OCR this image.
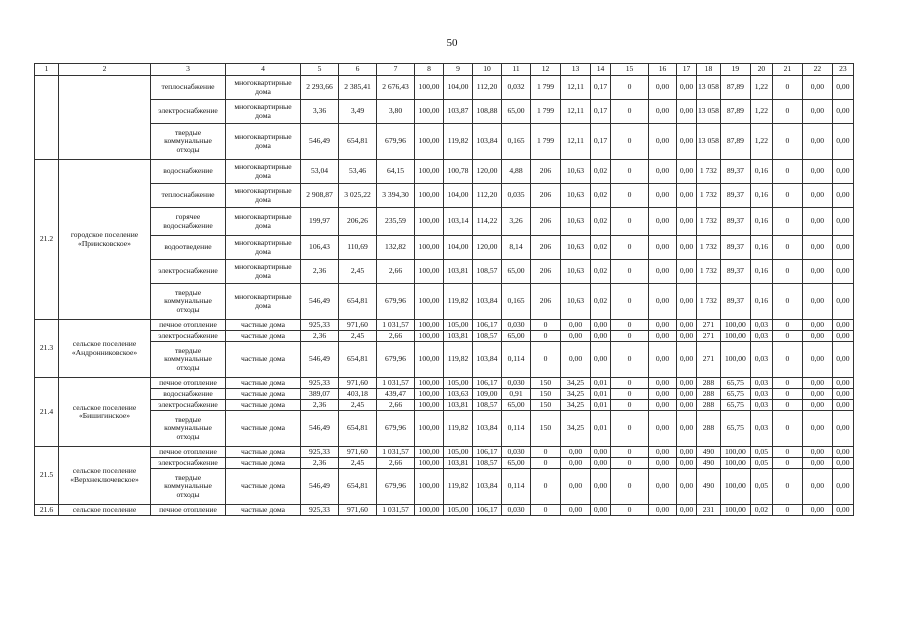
50
1	2	3	4	5	6	7	8	9	10	11	12	13	14	15	16	17	18	19	20	21	22	23
		теплоснабжение	многоквартирные дома	2 293,66	2 385,41	2 676,43	100,00	104,00	112,20	0,032	1 799	12,11	0,17	0	0,00	0,00	13 058	87,89	1,22	0	0,00	0,00
		электроснабжение	многоквартирные дома	3,36	3,49	3,80	100,00	103,87	108,88	65,00	1 799	12,11	0,17	0	0,00	0,00	13 058	87,89	1,22	0	0,00	0,00
		твердые коммунальные отходы	многоквартирные дома	546,49	654,81	679,96	100,00	119,82	103,84	0,165	1 799	12,11	0,17	0	0,00	0,00	13 058	87,89	1,22	0	0,00	0,00
21.2	городское поселение «Приисковское»	водоснабжение	многоквартирные дома	53,04	53,46	64,15	100,00	100,78	120,00	4,88	206	10,63	0,02	0	0,00	0,00	1 732	89,37	0,16	0	0,00	0,00
		теплоснабжение	многоквартирные дома	2 908,87	3 025,22	3 394,30	100,00	104,00	112,20	0,035	206	10,63	0,02	0	0,00	0,00	1 732	89,37	0,16	0	0,00	0,00
		горячее водоснабжение	многоквартирные дома	199,97	206,26	235,59	100,00	103,14	114,22	3,26	206	10,63	0,02	0	0,00	0,00	1 732	89,37	0,16	0	0,00	0,00
		водоотведение	многоквартирные дома	106,43	110,69	132,82	100,00	104,00	120,00	8,14	206	10,63	0,02	0	0,00	0,00	1 732	89,37	0,16	0	0,00	0,00
		электроснабжение	многоквартирные дома	2,36	2,45	2,66	100,00	103,81	108,57	65,00	206	10,63	0,02	0	0,00	0,00	1 732	89,37	0,16	0	0,00	0,00
		твердые коммунальные отходы	многоквартирные дома	546,49	654,81	679,96	100,00	119,82	103,84	0,165	206	10,63	0,02	0	0,00	0,00	1 732	89,37	0,16	0	0,00	0,00
21.3	сельское поселение «Андронниковское»	печное отопление	частные дома	925,33	971,60	1 031,57	100,00	105,00	106,17	0,030	0	0,00	0,00	0	0,00	0,00	271	100,00	0,03	0	0,00	0,00
		электроснабжение	частные дома	2,36	2,45	2,66	100,00	103,81	108,57	65,00	0	0,00	0,00	0	0,00	0,00	271	100,00	0,03	0	0,00	0,00
		твердые коммунальные отходы	частные дома	546,49	654,81	679,96	100,00	119,82	103,84	0,114	0	0,00	0,00	0	0,00	0,00	271	100,00	0,03	0	0,00	0,00
21.4	сельское поселение «Бишигинское»	печное отопление	частные дома	925,33	971,60	1 031,57	100,00	105,00	106,17	0,030	150	34,25	0,01	0	0,00	0,00	288	65,75	0,03	0	0,00	0,00
		водоснабжение	частные дома	389,07	403,18	439,47	100,00	103,63	109,00	0,91	150	34,25	0,01	0	0,00	0,00	288	65,75	0,03	0	0,00	0,00
		электроснабжение	частные дома	2,36	2,45	2,66	100,00	103,81	108,57	65,00	150	34,25	0,01	0	0,00	0,00	288	65,75	0,03	0	0,00	0,00
		твердые коммунальные отходы	частные дома	546,49	654,81	679,96	100,00	119,82	103,84	0,114	150	34,25	0,01	0	0,00	0,00	288	65,75	0,03	0	0,00	0,00
21.5	сельское поселение «Верхнеключевское»	печное отопление	частные дома	925,33	971,60	1 031,57	100,00	105,00	106,17	0,030	0	0,00	0,00	0	0,00	0,00	490	100,00	0,05	0	0,00	0,00
		электроснабжение	частные дома	2,36	2,45	2,66	100,00	103,81	108,57	65,00	0	0,00	0,00	0	0,00	0,00	490	100,00	0,05	0	0,00	0,00
		твердые коммунальные отходы	частные дома	546,49	654,81	679,96	100,00	119,82	103,84	0,114	0	0,00	0,00	0	0,00	0,00	490	100,00	0,05	0	0,00	0,00
21.6	сельское поселение	печное отопление	частные дома	925,33	971,60	1 031,57	100,00	105,00	106,17	0,030	0	0,00	0,00	0	0,00	0,00	231	100,00	0,02	0	0,00	0,00
